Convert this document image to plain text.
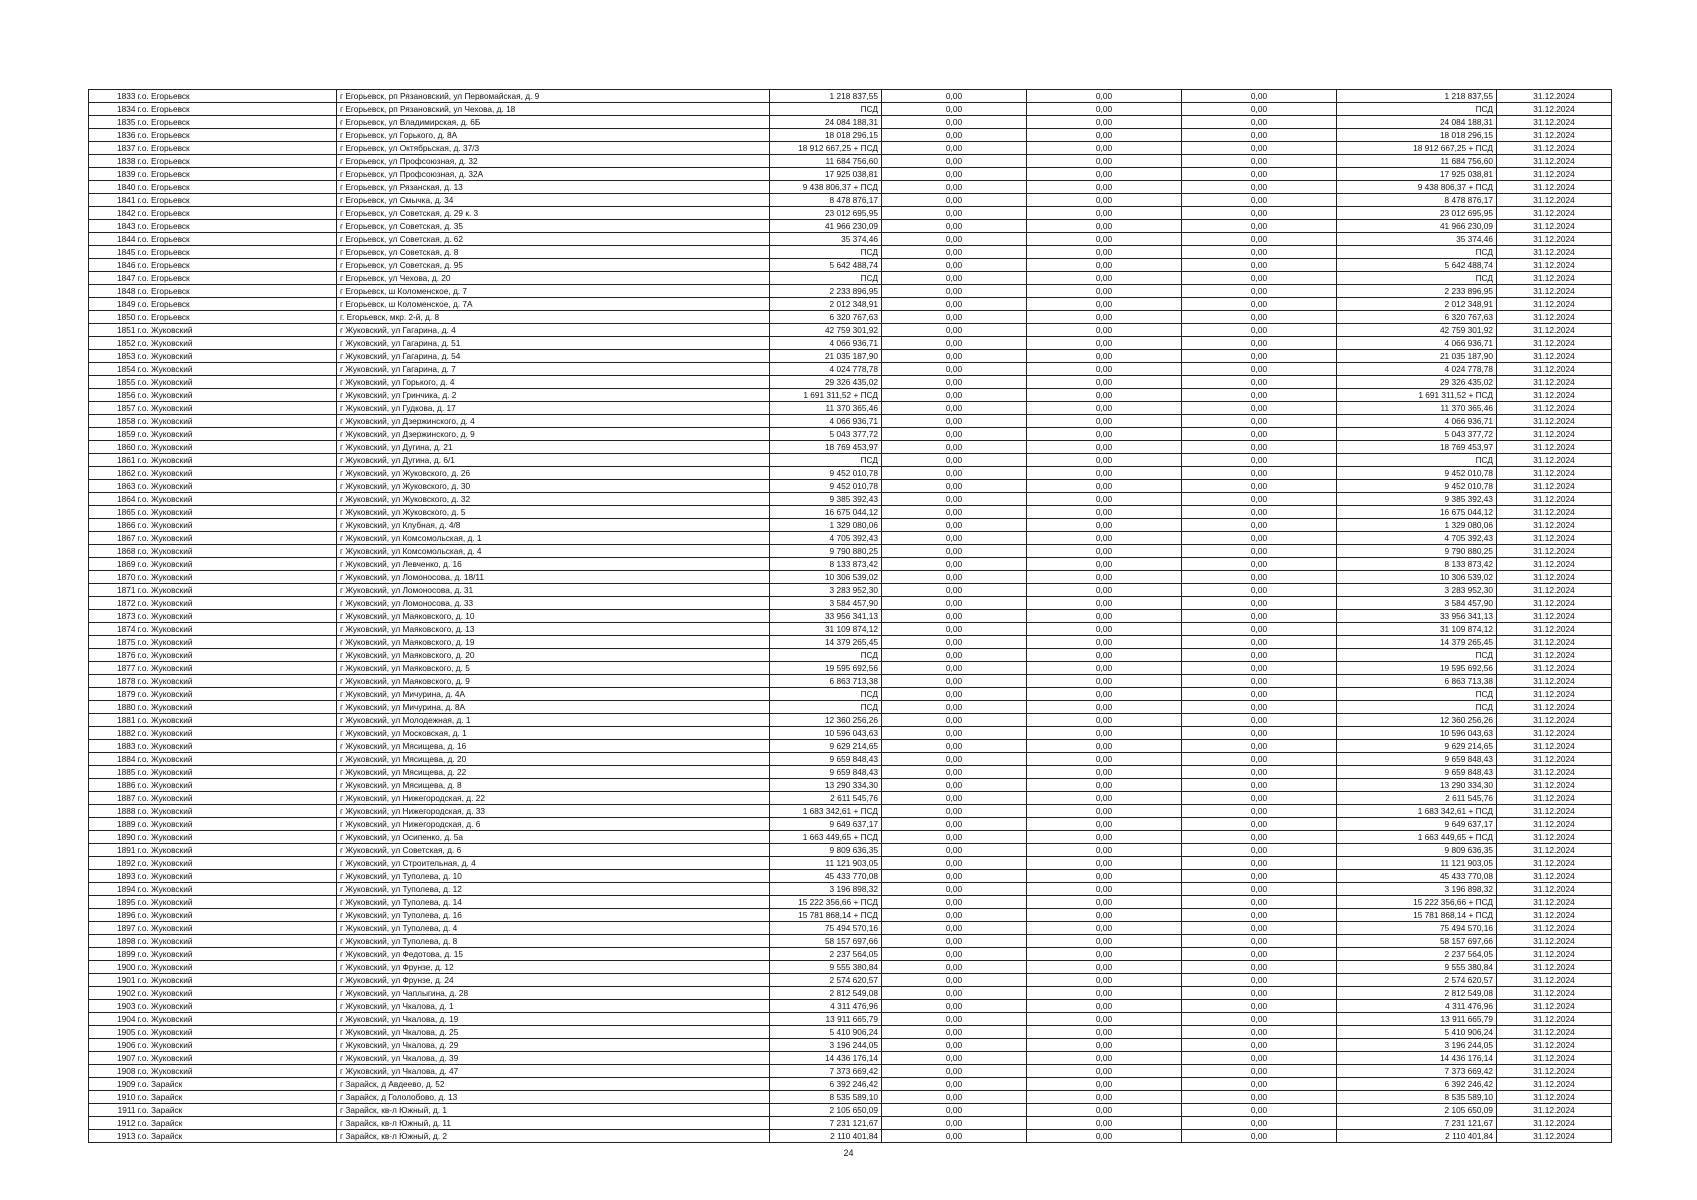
1833	г.о. Егорьевск	г Егорьевск, рп Рязановский, ул Первомайская, д. 9	1 218 837,55	0,00	0,00	0,00	1 218 837,55	31.12.2024
1834	г.о. Егорьевск	г Егорьевск, рп Рязановский, ул Чехова, д. 18	ПСД	0,00	0,00	0,00	ПСД	31.12.2024
1835	г.о. Егорьевск	г Егорьевск, ул Владимирская, д. 6Б	24 084 188,31	0,00	0,00	0,00	24 084 188,31	31.12.2024
1836	г.о. Егорьевск	г Егорьевск, ул Горького, д. 8А	18 018 296,15	0,00	0,00	0,00	18 018 296,15	31.12.2024
1837	г.о. Егорьевск	г Егорьевск, ул Октябрьская, д. 37/3	18 912 667,25 + ПСД	0,00	0,00	0,00	18 912 667,25 + ПСД	31.12.2024
1838	г.о. Егорьевск	г Егорьевск, ул Профсоюзная, д. 32	11 684 756,60	0,00	0,00	0,00	11 684 756,60	31.12.2024
1839	г.о. Егорьевск	г Егорьевск, ул Профсоюзная, д. 32А	17 925 038,81	0,00	0,00	0,00	17 925 038,81	31.12.2024
1840	г.о. Егорьевск	г Егорьевск, ул Рязанская, д. 13	9 438 806,37 + ПСД	0,00	0,00	0,00	9 438 806,37 + ПСД	31.12.2024
1841	г.о. Егорьевск	г Егорьевск, ул Смычка, д. 34	8 478 876,17	0,00	0,00	0,00	8 478 876,17	31.12.2024
1842	г.о. Егорьевск	г Егорьевск, ул Советская, д. 29 к. 3	23 012 695,95	0,00	0,00	0,00	23 012 695,95	31.12.2024
1843	г.о. Егорьевск	г Егорьевск, ул Советская, д. 35	41 966 230,09	0,00	0,00	0,00	41 966 230,09	31.12.2024
1844	г.о. Егорьевск	г Егорьевск, ул Советская, д. 62	35 374,46	0,00	0,00	0,00	35 374,46	31.12.2024
1845	г.о. Егорьевск	г Егорьевск, ул Советская, д. 8	ПСД	0,00	0,00	0,00	ПСД	31.12.2024
1846	г.о. Егорьевск	г Егорьевск, ул Советская, д. 95	5 642 488,74	0,00	0,00	0,00	5 642 488,74	31.12.2024
1847	г.о. Егорьевск	г Егорьевск, ул Чехова, д. 20	ПСД	0,00	0,00	0,00	ПСД	31.12.2024
1848	г.о. Егорьевск	г Егорьевск, ш Коломенское, д. 7	2 233 896,95	0,00	0,00	0,00	2 233 896,95	31.12.2024
1849	г.о. Егорьевск	г Егорьевск, ш Коломенское, д. 7А	2 012 348,91	0,00	0,00	0,00	2 012 348,91	31.12.2024
1850	г.о. Егорьевск	г. Егорьевск, мкр. 2-й, д. 8	6 320 767,63	0,00	0,00	0,00	6 320 767,63	31.12.2024
1851	г.о. Жуковский	г Жуковский, ул Гагарина, д. 4	42 759 301,92	0,00	0,00	0,00	42 759 301,92	31.12.2024
1852	г.о. Жуковский	г Жуковский, ул Гагарина, д. 51	4 066 936,71	0,00	0,00	0,00	4 066 936,71	31.12.2024
1853	г.о. Жуковский	г Жуковский, ул Гагарина, д. 54	21 035 187,90	0,00	0,00	0,00	21 035 187,90	31.12.2024
1854	г.о. Жуковский	г Жуковский, ул Гагарина, д. 7	4 024 778,78	0,00	0,00	0,00	4 024 778,78	31.12.2024
1855	г.о. Жуковский	г Жуковский, ул Горького, д. 4	29 326 435,02	0,00	0,00	0,00	29 326 435,02	31.12.2024
1856	г.о. Жуковский	г Жуковский, ул Гринчика, д. 2	1 691 311,52 + ПСД	0,00	0,00	0,00	1 691 311,52 + ПСД	31.12.2024
1857	г.о. Жуковский	г Жуковский, ул Гудкова, д. 17	11 370 365,46	0,00	0,00	0,00	11 370 365,46	31.12.2024
1858	г.о. Жуковский	г Жуковский, ул Дзержинского, д. 4	4 066 936,71	0,00	0,00	0,00	4 066 936,71	31.12.2024
1859	г.о. Жуковский	г Жуковский, ул Дзержинского, д. 9	5 043 377,72	0,00	0,00	0,00	5 043 377,72	31.12.2024
1860	г.о. Жуковский	г Жуковский, ул Дугина, д. 21	18 769 453,97	0,00	0,00	0,00	18 769 453,97	31.12.2024
1861	г.о. Жуковский	г Жуковский, ул Дугина, д. 6/1	ПСД	0,00	0,00	0,00	ПСД	31.12.2024
1862	г.о. Жуковский	г Жуковский, ул Жуковского, д. 26	9 452 010,78	0,00	0,00	0,00	9 452 010,78	31.12.2024
1863	г.о. Жуковский	г Жуковский, ул Жуковского, д. 30	9 452 010,78	0,00	0,00	0,00	9 452 010,78	31.12.2024
1864	г.о. Жуковский	г Жуковский, ул Жуковского, д. 32	9 385 392,43	0,00	0,00	0,00	9 385 392,43	31.12.2024
1865	г.о. Жуковский	г Жуковский, ул Жуковского, д. 5	16 675 044,12	0,00	0,00	0,00	16 675 044,12	31.12.2024
1866	г.о. Жуковский	г Жуковский, ул Клубная, д. 4/8	1 329 080,06	0,00	0,00	0,00	1 329 080,06	31.12.2024
1867	г.о. Жуковский	г Жуковский, ул Комсомольская, д. 1	4 705 392,43	0,00	0,00	0,00	4 705 392,43	31.12.2024
1868	г.о. Жуковский	г Жуковский, ул Комсомольская, д. 4	9 790 880,25	0,00	0,00	0,00	9 790 880,25	31.12.2024
1869	г.о. Жуковский	г Жуковский, ул Левченко, д. 16	8 133 873,42	0,00	0,00	0,00	8 133 873,42	31.12.2024
1870	г.о. Жуковский	г Жуковский, ул Ломоносова, д. 18/11	10 306 539,02	0,00	0,00	0,00	10 306 539,02	31.12.2024
1871	г.о. Жуковский	г Жуковский, ул Ломоносова, д. 31	3 283 952,30	0,00	0,00	0,00	3 283 952,30	31.12.2024
1872	г.о. Жуковский	г Жуковский, ул Ломоносова, д. 33	3 584 457,90	0,00	0,00	0,00	3 584 457,90	31.12.2024
1873	г.о. Жуковский	г Жуковский, ул Маяковского, д. 10	33 956 341,13	0,00	0,00	0,00	33 956 341,13	31.12.2024
1874	г.о. Жуковский	г Жуковский, ул Маяковского, д. 13	31 109 874,12	0,00	0,00	0,00	31 109 874,12	31.12.2024
1875	г.о. Жуковский	г Жуковский, ул Маяковского, д. 19	14 379 265,45	0,00	0,00	0,00	14 379 265,45	31.12.2024
1876	г.о. Жуковский	г Жуковский, ул Маяковского, д. 20	ПСД	0,00	0,00	0,00	ПСД	31.12.2024
1877	г.о. Жуковский	г Жуковский, ул Маяковского, д. 5	19 595 692,56	0,00	0,00	0,00	19 595 692,56	31.12.2024
1878	г.о. Жуковский	г Жуковский, ул Маяковского, д. 9	6 863 713,38	0,00	0,00	0,00	6 863 713,38	31.12.2024
1879	г.о. Жуковский	г Жуковский, ул Мичурина, д. 4А	ПСД	0,00	0,00	0,00	ПСД	31.12.2024
1880	г.о. Жуковский	г Жуковский, ул Мичурина, д. 8А	ПСД	0,00	0,00	0,00	ПСД	31.12.2024
1881	г.о. Жуковский	г Жуковский, ул Молодежная, д. 1	12 360 256,26	0,00	0,00	0,00	12 360 256,26	31.12.2024
1882	г.о. Жуковский	г Жуковский, ул Московская, д. 1	10 596 043,63	0,00	0,00	0,00	10 596 043,63	31.12.2024
1883	г.о. Жуковский	г Жуковский, ул Мясищева, д. 16	9 629 214,65	0,00	0,00	0,00	9 629 214,65	31.12.2024
1884	г.о. Жуковский	г Жуковский, ул Мясищева, д. 20	9 659 848,43	0,00	0,00	0,00	9 659 848,43	31.12.2024
1885	г.о. Жуковский	г Жуковский, ул Мясищева, д. 22	9 659 848,43	0,00	0,00	0,00	9 659 848,43	31.12.2024
1886	г.о. Жуковский	г Жуковский, ул Мясищева, д. 8	13 290 334,30	0,00	0,00	0,00	13 290 334,30	31.12.2024
1887	г.о. Жуковский	г Жуковский, ул Нижегородская, д. 22	2 611 545,76	0,00	0,00	0,00	2 611 545,76	31.12.2024
1888	г.о. Жуковский	г Жуковский, ул Нижегородская, д. 33	1 683 342,61 + ПСД	0,00	0,00	0,00	1 683 342,61 + ПСД	31.12.2024
1889	г.о. Жуковский	г Жуковский, ул Нижегородская, д. 6	9 649 637,17	0,00	0,00	0,00	9 649 637,17	31.12.2024
1890	г.о. Жуковский	г Жуковский, ул Осипенко, д. 5а	1 663 449,65 + ПСД	0,00	0,00	0,00	1 663 449,65 + ПСД	31.12.2024
1891	г.о. Жуковский	г Жуковский, ул Советская, д. 6	9 809 636,35	0,00	0,00	0,00	9 809 636,35	31.12.2024
1892	г.о. Жуковский	г Жуковский, ул Строительная, д. 4	11 121 903,05	0,00	0,00	0,00	11 121 903,05	31.12.2024
1893	г.о. Жуковский	г Жуковский, ул Туполева, д. 10	45 433 770,08	0,00	0,00	0,00	45 433 770,08	31.12.2024
1894	г.о. Жуковский	г Жуковский, ул Туполева, д. 12	3 196 898,32	0,00	0,00	0,00	3 196 898,32	31.12.2024
1895	г.о. Жуковский	г Жуковский, ул Туполева, д. 14	15 222 356,66 + ПСД	0,00	0,00	0,00	15 222 356,66 + ПСД	31.12.2024
1896	г.о. Жуковский	г Жуковский, ул Туполева, д. 16	15 781 868,14 + ПСД	0,00	0,00	0,00	15 781 868,14 + ПСД	31.12.2024
1897	г.о. Жуковский	г Жуковский, ул Туполева, д. 4	75 494 570,16	0,00	0,00	0,00	75 494 570,16	31.12.2024
1898	г.о. Жуковский	г Жуковский, ул Туполева, д. 8	58 157 697,66	0,00	0,00	0,00	58 157 697,66	31.12.2024
1899	г.о. Жуковский	г Жуковский, ул Федотова, д. 15	2 237 564,05	0,00	0,00	0,00	2 237 564,05	31.12.2024
1900	г.о. Жуковский	г Жуковский, ул Фрунзе, д. 12	9 555 380,84	0,00	0,00	0,00	9 555 380,84	31.12.2024
1901	г.о. Жуковский	г Жуковский, ул Фрунзе, д. 24	2 574 620,57	0,00	0,00	0,00	2 574 620,57	31.12.2024
1902	г.о. Жуковский	г Жуковский, ул Чаплыгина, д. 28	2 812 549,08	0,00	0,00	0,00	2 812 549,08	31.12.2024
1903	г.о. Жуковский	г Жуковский, ул Чкалова, д. 1	4 311 476,96	0,00	0,00	0,00	4 311 476,96	31.12.2024
1904	г.о. Жуковский	г Жуковский, ул Чкалова, д. 19	13 911 665,79	0,00	0,00	0,00	13 911 665,79	31.12.2024
1905	г.о. Жуковский	г Жуковский, ул Чкалова, д. 25	5 410 906,24	0,00	0,00	0,00	5 410 906,24	31.12.2024
1906	г.о. Жуковский	г Жуковский, ул Чкалова, д. 29	3 196 244,05	0,00	0,00	0,00	3 196 244,05	31.12.2024
1907	г.о. Жуковский	г Жуковский, ул Чкалова, д. 39	14 436 176,14	0,00	0,00	0,00	14 436 176,14	31.12.2024
1908	г.о. Жуковский	г Жуковский, ул Чкалова, д. 47	7 373 669,42	0,00	0,00	0,00	7 373 669,42	31.12.2024
1909	г.о. Зарайск	г Зарайск, д Авдеево, д. 52	6 392 246,42	0,00	0,00	0,00	6 392 246,42	31.12.2024
1910	г.о. Зарайск	г Зарайск, д Гололобово, д. 13	8 535 589,10	0,00	0,00	0,00	8 535 589,10	31.12.2024
1911	г.о. Зарайск	г Зарайск, кв-л Южный, д. 1	2 105 650,09	0,00	0,00	0,00	2 105 650,09	31.12.2024
1912	г.о. Зарайск	г Зарайск, кв-л Южный, д. 11	7 231 121,67	0,00	0,00	0,00	7 231 121,67	31.12.2024
1913	г.о. Зарайск	г Зарайск, кв-л Южный, д. 2	2 110 401,84	0,00	0,00	0,00	2 110 401,84	31.12.2024
24
